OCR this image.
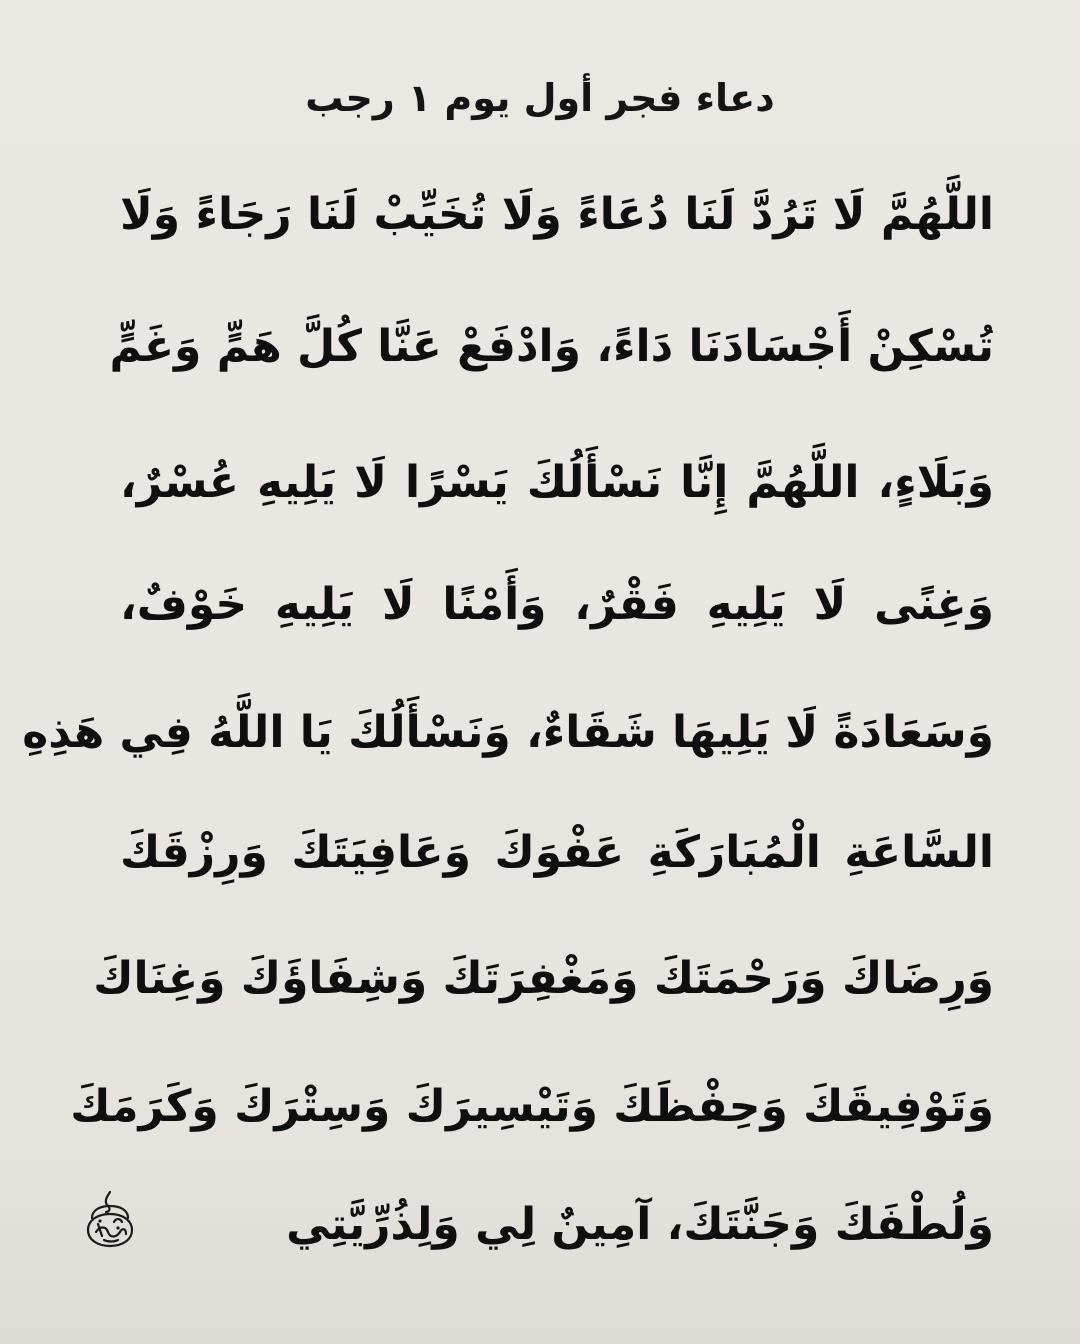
دعاء فجر أول يوم ١ رجب
اللَّهُمَّ لَا تَرُدَّ لَنَا دُعَاءً وَلَا تُخَيِّبْ لَنَا رَجَاءً وَلَا
تُسْكِنْ أَجْسَادَنَا دَاءً، وَادْفَعْ عَنَّا كُلَّ هَمٍّ وَغَمٍّ
وَبَلَاءٍ، اللَّهُمَّ إِنَّا نَسْأَلُكَ يَسْرًا لَا يَلِيهِ عُسْرٌ،
وَغِنًى لَا يَلِيهِ فَقْرٌ، وَأَمْنًا لَا يَلِيهِ خَوْفٌ،
وَسَعَادَةً لَا يَلِيهَا شَقَاءٌ، وَنَسْأَلُكَ يَا اللَّهُ فِي هَذِهِ
السَّاعَةِ الْمُبَارَكَةِ عَفْوَكَ وَعَافِيَتَكَ وَرِزْقَكَ
وَرِضَاكَ وَرَحْمَتَكَ وَمَغْفِرَتَكَ وَشِفَاؤَكَ وَغِنَاكَ
وَتَوْفِيقَكَ وَحِفْظَكَ وَتَيْسِيرَكَ وَسِتْرَكَ وَكَرَمَكَ
وَلُطْفَكَ وَجَنَّتَكَ، آمِينٌ لِي وَلِذُرِّيَّتِي
